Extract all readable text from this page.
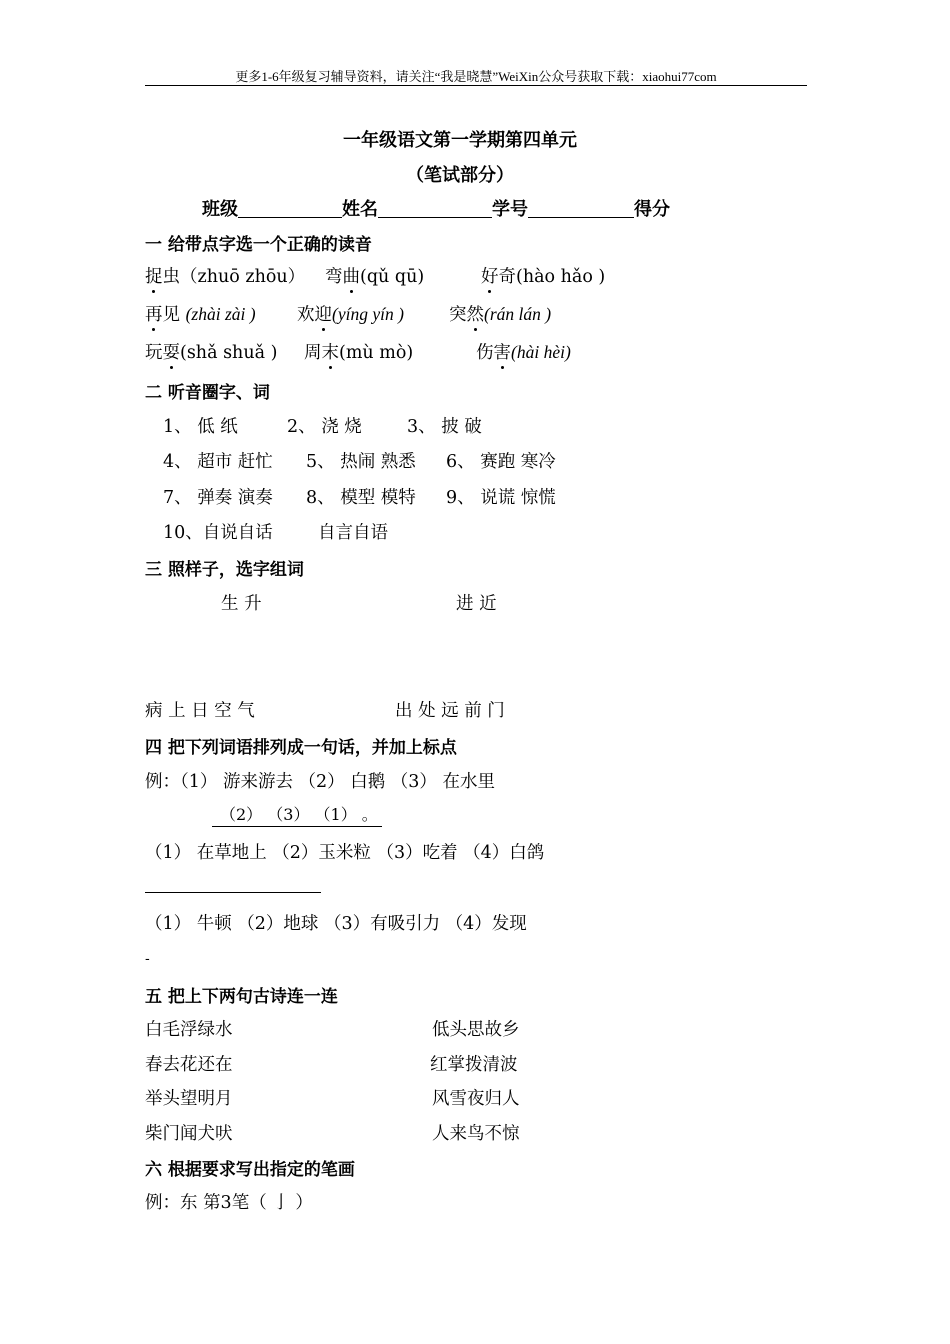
更多1-6年级复习辅导资料，请关注“我是晓慧”WeiXin公众号获取下载：xiaohui77com
一年级语文第一学期第四单元
（笔试部分）
班级	姓名	学号	得分
一 给带点字选一个正确的读音
捉虫（zhuō zhōu） 弯曲(qǔ qū)	好奇(hào hǎo )
再见 (zhài zài ) 欢迎(yíng yín )	突然(rán lán )
玩耍(shǎ shuǎ ) 周末(mù mò)	伤害(hài hèi)
二 听音圈字、词
1、 低 纸	2、 浇 烧	3、 披 破
4、 超市 赶忙 5、 热闹 熟悉 6、 赛跑 寒冷
7、 弹奏 演奏 8、 模型 模特 9、 说谎 惊慌
10、自说自话	自言自语
三 照样子，选字组词
生 升	进 近
病 上 日 空 气	出 处 远 前 门
四 把下列词语排列成一句话，并加上标点
例：（1） 游来游去 （2） 白鹅 （3） 在水里
（2） （3） （1） 。
（1） 在草地上 （2）玉米粒 （3）吃着 （4）白鸽
（1） 牛顿 （2）地球 （3）有吸引力 （4）发现
-
五 把上下两句古诗连一连
白毛浮绿水	低头思故乡
春去花还在	红掌拨清波
举头望明月	风雪夜归人
柴门闻犬吠	人来鸟不惊
六 根据要求写出指定的笔画
例：东 第3笔（ 亅 ）
